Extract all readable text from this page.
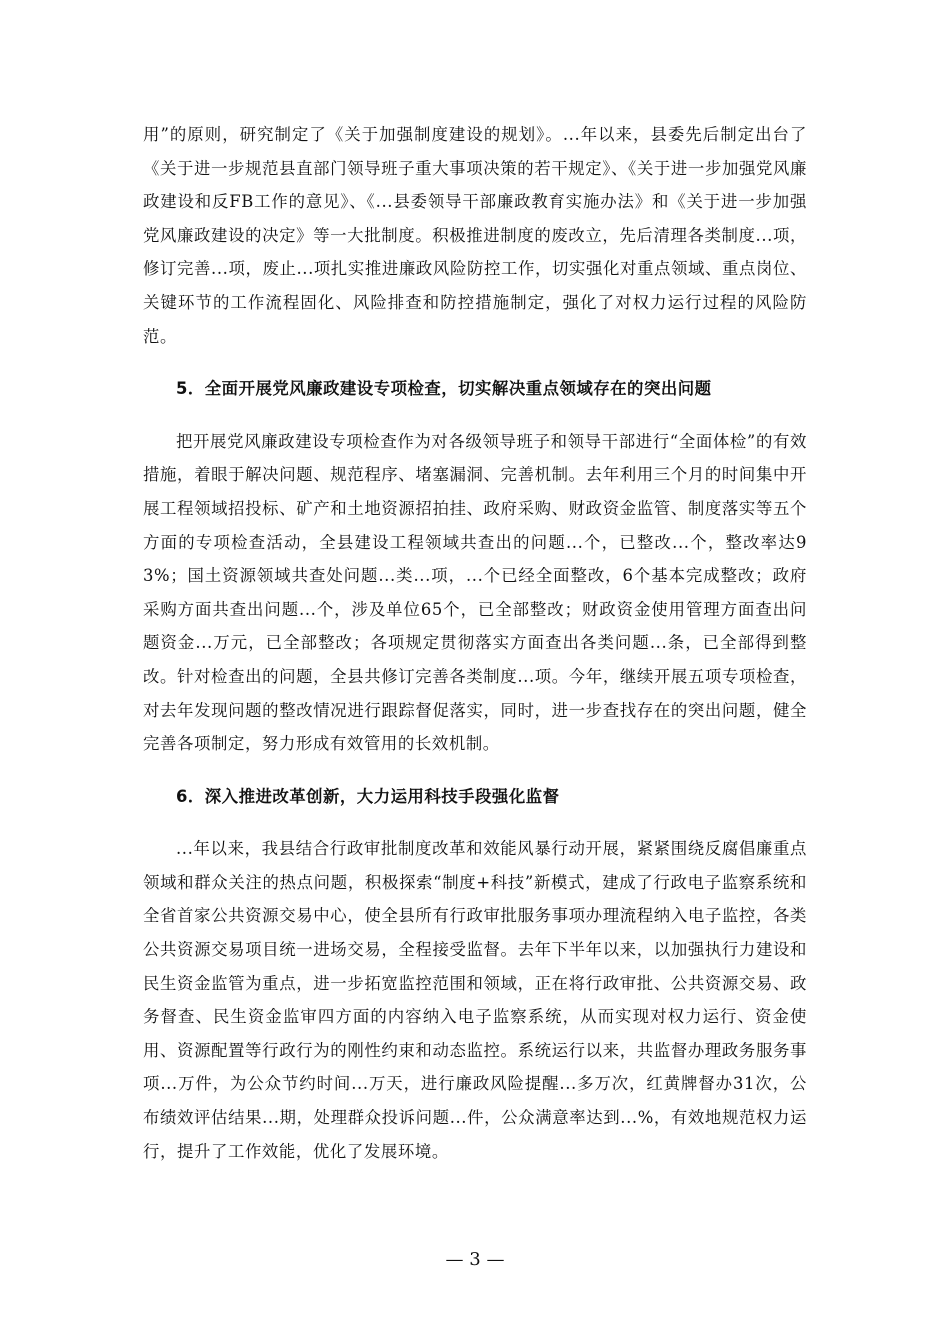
用”的原则，研究制定了《关于加强制度建设的规划》。...年以来，县委先后制定出台了《关于进一步规范县直部门领导班子重大事项决策的若干规定》、《关于进一步加强党风廉政建设和反FB工作的意见》、《...县委领导干部廉政教育实施办法》和《关于进一步加强党风廉政建设的决定》等一大批制度。积极推进制度的废改立，先后清理各类制度...项，修订完善...项，废止...项扎实推进廉政风险防控工作，切实强化对重点领域、重点岗位、关键环节的工作流程固化、风险排查和防控措施制定，强化了对权力运行过程的风险防范。

5．全面开展党风廉政建设专项检查，切实解决重点领域存在的突出问题

把开展党风廉政建设专项检查作为对各级领导班子和领导干部进行“全面体检”的有效措施，着眼于解决问题、规范程序、堵塞漏洞、完善机制。去年利用三个月的时间集中开展工程领域招投标、矿产和土地资源招拍挂、政府采购、财政资金监管、制度落实等五个方面的专项检查活动，全县建设工程领域共查出的问题...个，已整改...个，整改率达93%；国土资源领域共查处问题...类...项，...个已经全面整改，6个基本完成整改；政府采购方面共查出问题...个，涉及单位65个，已全部整改；财政资金使用管理方面查出问题资金...万元，已全部整改；各项规定贯彻落实方面查出各类问题...条，已全部得到整改。针对检查出的问题，全县共修订完善各类制度...项。今年，继续开展五项专项检查，对去年发现问题的整改情况进行跟踪督促落实，同时，进一步查找存在的突出问题，健全完善各项制定，努力形成有效管用的长效机制。

6．深入推进改革创新，大力运用科技手段强化监督

...年以来，我县结合行政审批制度改革和效能风暴行动开展，紧紧围绕反腐倡廉重点领域和群众关注的热点问题，积极探索“制度+科技”新模式，建成了行政电子监察系统和全省首家公共资源交易中心，使全县所有行政审批服务事项办理流程纳入电子监控，各类公共资源交易项目统一进场交易，全程接受监督。去年下半年以来，以加强执行力建设和民生资金监管为重点，进一步拓宽监控范围和领域，正在将行政审批、公共资源交易、政务督查、民生资金监审四方面的内容纳入电子监察系统，从而实现对权力运行、资金使用、资源配置等行政行为的刚性约束和动态监控。系统运行以来，共监督办理政务服务事项...万件，为公众节约时间...万天，进行廉政风险提醒...多万次，红黄牌督办31次，公布绩效评估结果...期，处理群众投诉问题...件，公众满意率达到...%，有效地规范权力运行，提升了工作效能，优化了发展环境。

— 3 —
